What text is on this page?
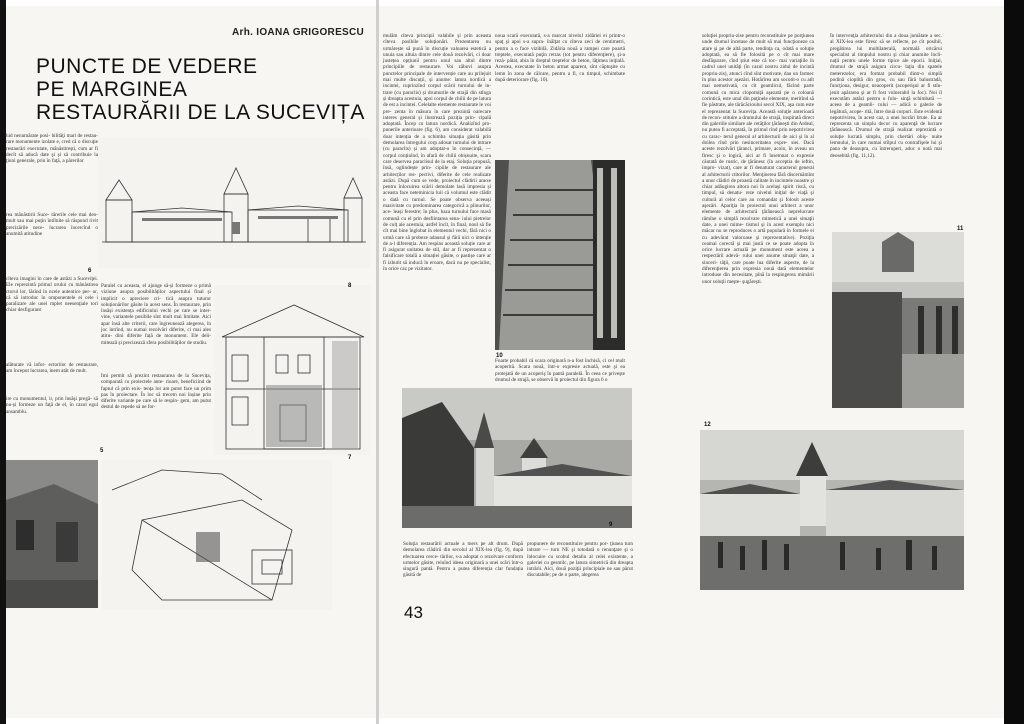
Arh. IOANA GRIGORESCU
PUNCTE DE VEDERE
PE MARGINEA
RESTAURĂRII DE LA SUCEVIȚA
hid nenumărate posi- bilităţi mari de restau- rare monumente izolate e, cred că o discuţie restaurări executate, mânăstirești, cum ar fi decît să aducă date şi şi să contribuie la ţiuni generale, prin în faţă, a părerilor
rea mânăstirii Suce- tărerile cele mai deo- mult sau mai puţin întîlnite să răspund rivit precizările nece- lucrarea încercînd o anumită atitudine
cîteva imagini în care de astăzi a Suceviţei. Ele reprezintă primul orului cu mânăstirea ctorul lor, lăsînd în ncele autentice per- or, că să introduc în omponentele ei cele i paralizare ale unei mplet neesenţiale tori chiar desfigurant
alăturate vă infor- ectorilor de restaurare, am început lucrarea, inem atât de mult.
ire cu monumentul, ir, prin însăşi pregă- să nu-şi formeze un faţă de el, în cazul egul ansamblu.
Paralel cu aceasta, el ajunge să-și formeze o primă viziune asupra posibilităților aspectului final și implicit o apreciere cri- tică asupra tuturor soluționărilor găsite în acest sens. În restaurare, prin însăși existența edificiului vechi pe care se inter- vine, variantele posibile sînt mult mai limitate. Aici apar însă alte criterii, care îngreunează alegerea, în joc intrînd, nu numai rezolvări diferite, ci mai ales atitu- dini diferite față de monument. Ele deli- mitează și precizează sfera posibilităților de studiu.
Îmi permit să prezint restaurarea de la Sucevița, comparată cu proiectele ante- rioare, beneficiind de faptul că prin exis- tența lor am putut face un prim pas în proiectare. În loc să trecem noi înșine prin diferite variante pe care să le respin- gem, am putut destul de repede să ne for-
6
8
7
5
mulăm cîteva principii valabile și prin aceasta cîteva posibile soluționări. Prezentarea nu urmărește să pună în discuție valoarea estetică a unuia sau altuia dintre cele două rezolvări, ci doar justețea opțiunii pentru unul sau altul dintre principiile de restaurare. Voi zăbovi asupra punctelor principale de intervenție care au prilejuit mai multe discuții, și anume: latura nordică a incintei, cuprinzînd corpul scării turnului de in- trare (cu paraclis) și drumurile de strajă din stînga și dreapta acestuia, apoi corpul de chilii de pe latura de est a incintei. Celelalte elemente restaurate le voi pre- zenta în măsura în care prezintă oarecare interes general și ilustrează poziția prin- cipală adoptată. Încep cu latura nordică. Analizînd pro- punerile anterioare (fig. 6), am considerat valabilă doar intenția de a schimba situația găsită prin demolarea întregului corp adosat turnului de intrare (cu paraclis) și am adoptat-o în consecință, — corpul conținînd, în afară de chilii obișnuite, scara care deservea paraclisul de la etaj. Soluția propusă, însă, oglindește prin- cipiile de restaurare ale arhitecților res- pectivi, diferite de cele realizate astăzi. După cum se vede, proiectul clădirii anexe pentru înlocuirea scării demolate lasă impresia și aceasta face neteminicia luii că volumul este clădit o dată cu turnul. Se poate observa aceeași masivitate cu predominarea categorică a plinurilor, ace- leași ferestre; în plus, baza turnului face masă comună cu el prin desfiintarea sena- iului pietrelor de colț ale acestuia, astfel încît, în final, noul să fie cît mai bine înglobat în elementul vechi, fără nici o urmă care să probeze adausul și fără nici o intenție de a-l diferenția. Am respins această soluție care ar fi asigurat unitatea de stil, dar ar fi reprezentat o falsificare totală a situației găsite, o pastișe care ar fi izbutit să inducă în eroare, dacă nu pe specialist, în orice caz pe vizitator.
10
noua scară executată, s-a marcat nivelul zidăriei ei printr-o spaţ şi apoi s-a supra- înălţat cu cîteva zeci de centimetri, pentru a o face vizibilă. Zidăria nouă a rampei care poartă treptele, executată puţin retras (tot pentru diferenţiere), şi-a reză- pătat, abia în dreptul treptelor de beton, lăţimea iniţială. Acestea, executate în beton armat aparent, sînt căptuşite cu lemn în zona de călcare, pentru a fi, cu timpul, schimbate după deteriorare (fig. 10).
Foarte probabil că scara originară n-a fost închisă, ci cel mult acoperită. Scara nouă, într-o expresie actuală, este şi ea protejată de un acoperiş în pantă paralelă. În ceea ce priveşte drumul de strajă, se observă în proiectul din figura 6 o
9
Soluția restaurării actuale a mers pe alt drum. După demolarea clădirii din secolul al XIX-lea (fig. 9), după efectuarea cerce- tărilor, s-a adoptat o rezolvare conform urmelor găsite, reluînd ideea originară a unei scări într-o singură pantă. Pentru a putea diferenția clar fundația găsită de
propunere de reconstituire pentru por- ţiunea turn intrare — turn NE şi totodată o renunţare şi o înlocuire cu scobul detaliu al celei existente, a galeriei cu gesmilc, pe latura simetrică din dreapta intrării. Aici, două poziţii principiale ne sau părut discutabile; pe de o parte, alegerea
43
soluţiei propriu-zise pentru reconstituire pe porţiunea unde drumul încetase de mult să mai funcţioneze ca atare şi pe de altă parte, tendinţa ca, odată o soluţie adoptată, ea să fie folosită pe o cît mai mare desfăşurare, cînd ştiut este că toc- mai variaţiile în cadrul unei unităţi (în cazul nostru zidul de incintă propriu-zis), atunci cînd sînt motivate, dau un farmec în plus acestor aşezări. Hotărîrea am socotit-o cu atît mai nemotivată, cu cît geamlicul, făcînd parte comună cu mica clopotniţă aşezată pe o coloană corintică, este unul din puţinele elemente, meritînd să fie păstrate, ale tărăcăcioului secol XIX, aşa cum este el reprezentat la Suceviţa. Această soluţie anterioară de recon- stituire a drumului de strajă, inspirată direct din galeriile similare ale cetăţilor ţărăneşti din Ardeal, nu putea fi acceptată, în primul rînd prin nepotrivirea cu carac- terul general al arhitecturii de aici şi în al doilea rînd prin nesinceritatea expre- siei. Dacă aceste rezolvări ţăranci, primare, acolo, în aveau un firesc şi o logică, aici ar fi însemnat o expresie căutată de rustic, de ţărănesc (în acceptia de ieftin, impro- vizat), care ar fi denaturat caracterul general al arhitecturii ctitorilor. Menţinerea fără discernămînt a unor clădiri de proastă calitate în incintele noastre şi chiar adăugirea altora noi în acelaşi spirit riscă, cu timpul, să denatu- reze nivelul iniţial de viaţă şi cultură al celor care au comandat şi folosit aceste aşezări. Apariţia în proiectul unui arhitect a unor elemente de arhitectură ţărănească neprelucrate rămîne o simplă rezolvare mimetică a unei situaţii date, a unei mime- tismul şi în acest exemplu nici măcar nu se reproduces o artă populară în formele ei cu adevărat valoroase şi reprezentative). Poziţia ceamai corectă şi mai justă ce se poate adopta în orice lucrare actuală pe monument este aceea a respectării adevă- rului unei anume situaţii date, a sinceri- tăţii, care poate lua diferite aspecte, de la diferenţierea prin expresia nouă dată elementelor introduse din necesitate, pînă la respingerea mimării unor soluţii meşte- şugăreşti.
În intervenţia arhitectului din a doua jumătate a sec. al XIX-lea este firesc să se reflecte, pe cît posibil, pregătirea lui multilaterală, normală oricărui specialist al timpului nostru şi chiar anumite încli- naţii pentru unele forme tipice ale epocii. Iniţial, drumul de strajă asigura circu- laţia din spatele meterezelor, era format probabil dintr-o simplă podină cioplită din gros, cu sau fără balustradă, funcţiona, desigur, neacoperit (acoperişul ar fi stîn- jenit apărarea şi ar fi fost vulnerabil la foc). Noi îl executăm astăzi pentru o folo- sinţă schimbată — aceea de a geamli- cului — adică o galerie de legătură, acope- rită, între două corpuri. Este evidentă nepotrivirea, în acest caz, a unei lucrări brute. Ea ar reprezenta un simplu decor cu aparenţă de lucrare ţărănească. Drumul de strajă realizat reprezintă o soluţie lucrată simplu, prin chertări obiş- nuite lemnului, în care numai stîlpul cu contrafişele lui şi pana de deasupra, cu întreruperi, aduc o notă mai deosebită (fig. 11,12).
11
12
